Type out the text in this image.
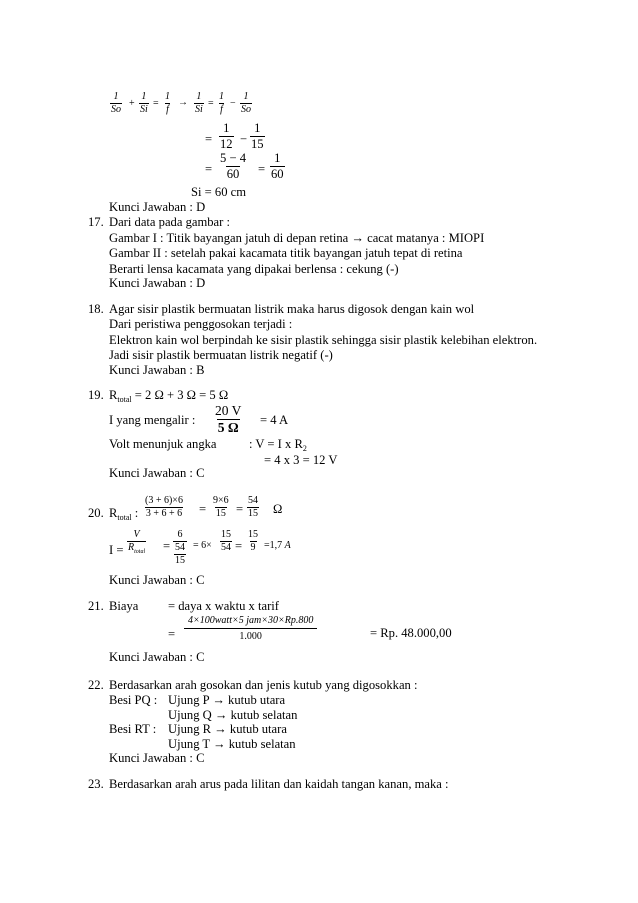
$\frac{1}{So} + \frac{1}{Si} = \frac{1}{f} \to \frac{1}{Si} = \frac{1}{f} - \frac{1}{So}$
= $\frac{1}{12} - \frac{1}{15}$
= $\frac{5 - 4}{60} = \frac{1}{60}$
Si = 60 cm
Kunci Jawaban : D
17. Dari data pada gambar :
Gambar I : Titik bayangan jatuh di depan retina → cacat matanya : MIOPI
Gambar II : setelah pakai kacamata titik bayangan jatuh tepat di retina
Berarti lensa kacamata yang dipakai berlensa : cekung (-)
Kunci Jawaban : D
18. Agar sisir plastik bermuatan listrik maka harus digosok dengan kain wol
Dari peristiwa penggosokan terjadi :
Elektron kain wol berpindah ke sisir plastik sehingga sisir plastik kelebihan elektron.
Jadi sisir plastik bermuatan listrik negatif (-)
Kunci Jawaban : B
19. $R_{total} = 2$ Ω + 3 Ω = 5 Ω
I yang mengalir : $\frac{20 V}{5 \Omega} = 4$ A
Volt menunjuk angka	: V = I x $R_2$
= 4 x 3 = 12 V
Kunci Jawaban : C
20. $R_{total}$ : $\frac{(3 + 6)\times 6}{3 + 6 + 6} = \frac{9\times 6}{15} = \frac{54}{15}$ Ω
I =
V
$R_{total} = 6$
54
$15 = 6\times \frac{15}{54} = \frac{15}{9} =1,7$ A
Kunci Jawaban : C
21. Biaya = daya x waktu x tarif
=
4×100watt×5 jam×30×Rp.800
1.000	= Rp. 48.000,00
Kunci Jawaban : C
22. Berdasarkan arah gosokan dan jenis kutub yang digosokkan :
Besi PQ : Ujung P → kutub utara
Ujung Q → kutub selatan
Besi RT : Ujung R → kutub utara
Ujung T → kutub selatan
Kunci Jawaban : C
23. Berdasarkan arah arus pada lilitan dan kaidah tangan kanan, maka :
